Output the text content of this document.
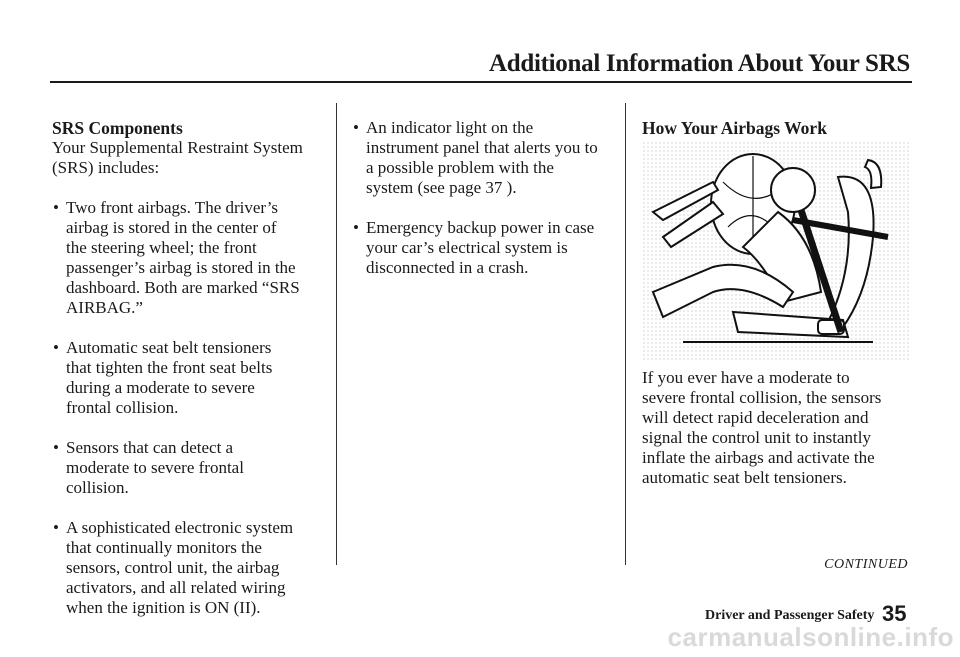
Additional Information About Your SRS
SRS Components
Your Supplemental Restraint System
(SRS) includes:
• Two front airbags. The driver’s
airbag is stored in the center of
the steering wheel; the front
passenger’s airbag is stored in the
dashboard. Both are marked “SRS
AIRBAG.”
• Automatic seat belt tensioners
that tighten the front seat belts
during a moderate to severe
frontal collision.
• Sensors that can detect a
moderate to severe frontal
collision.
• A sophisticated electronic system
that continually monitors the
sensors, control unit, the airbag
activators, and all related wiring
when the ignition is ON (II).
• An indicator light on the
instrument panel that alerts you to
a possible problem with the
system (see page 37 ).
• Emergency backup power in case
your car’s electrical system is
disconnected in a crash.
How Your Airbags Work
If you ever have a moderate to
severe frontal collision, the sensors
will detect rapid deceleration and
signal the control unit to instantly
inflate the airbags and activate the
automatic seat belt tensioners.
CONTINUED
Driver and Passenger Safety 35
carmanualsonline.info
